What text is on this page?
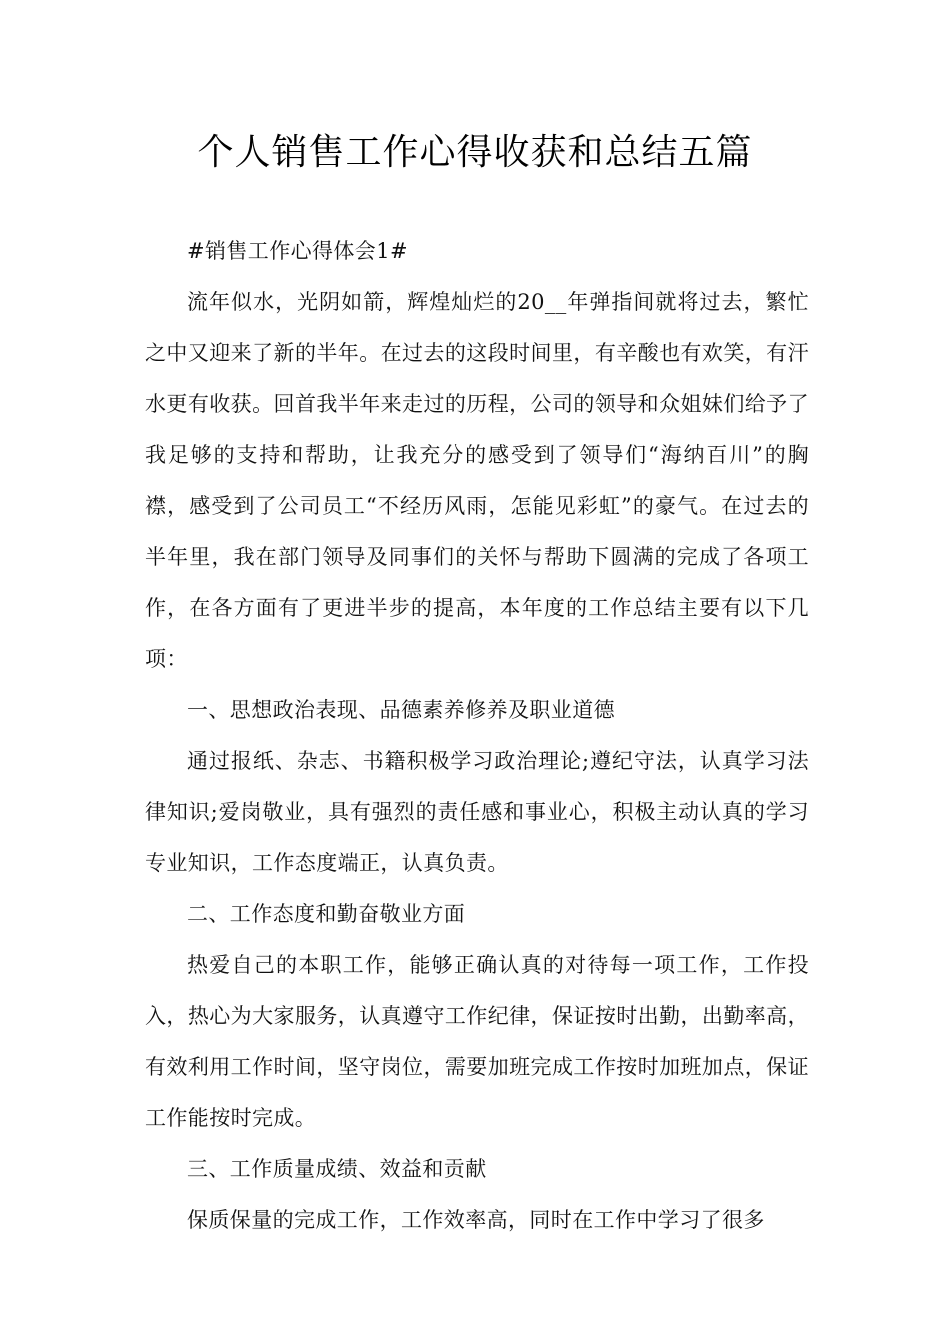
个人销售工作心得收获和总结五篇

#销售工作心得体会1#

流年似水，光阴如箭，辉煌灿烂的20__年弹指间就将过去，繁忙之中又迎来了新的半年。在过去的这段时间里，有辛酸也有欢笑，有汗水更有收获。回首我半年来走过的历程，公司的领导和众姐妹们给予了我足够的支持和帮助，让我充分的感受到了领导们“海纳百川”的胸襟，感受到了公司员工“不经历风雨，怎能见彩虹”的豪气。在过去的半年里，我在部门领导及同事们的关怀与帮助下圆满的完成了各项工作，在各方面有了更进半步的提高，本年度的工作总结主要有以下几项：

一、思想政治表现、品德素养修养及职业道德

通过报纸、杂志、书籍积极学习政治理论;遵纪守法，认真学习法律知识;爱岗敬业，具有强烈的责任感和事业心，积极主动认真的学习专业知识，工作态度端正，认真负责。

二、工作态度和勤奋敬业方面

热爱自己的本职工作，能够正确认真的对待每一项工作，工作投入，热心为大家服务，认真遵守工作纪律，保证按时出勤，出勤率高，有效利用工作时间，坚守岗位，需要加班完成工作按时加班加点，保证工作能按时完成。

三、工作质量成绩、效益和贡献

保质保量的完成工作，工作效率高，同时在工作中学习了很多
